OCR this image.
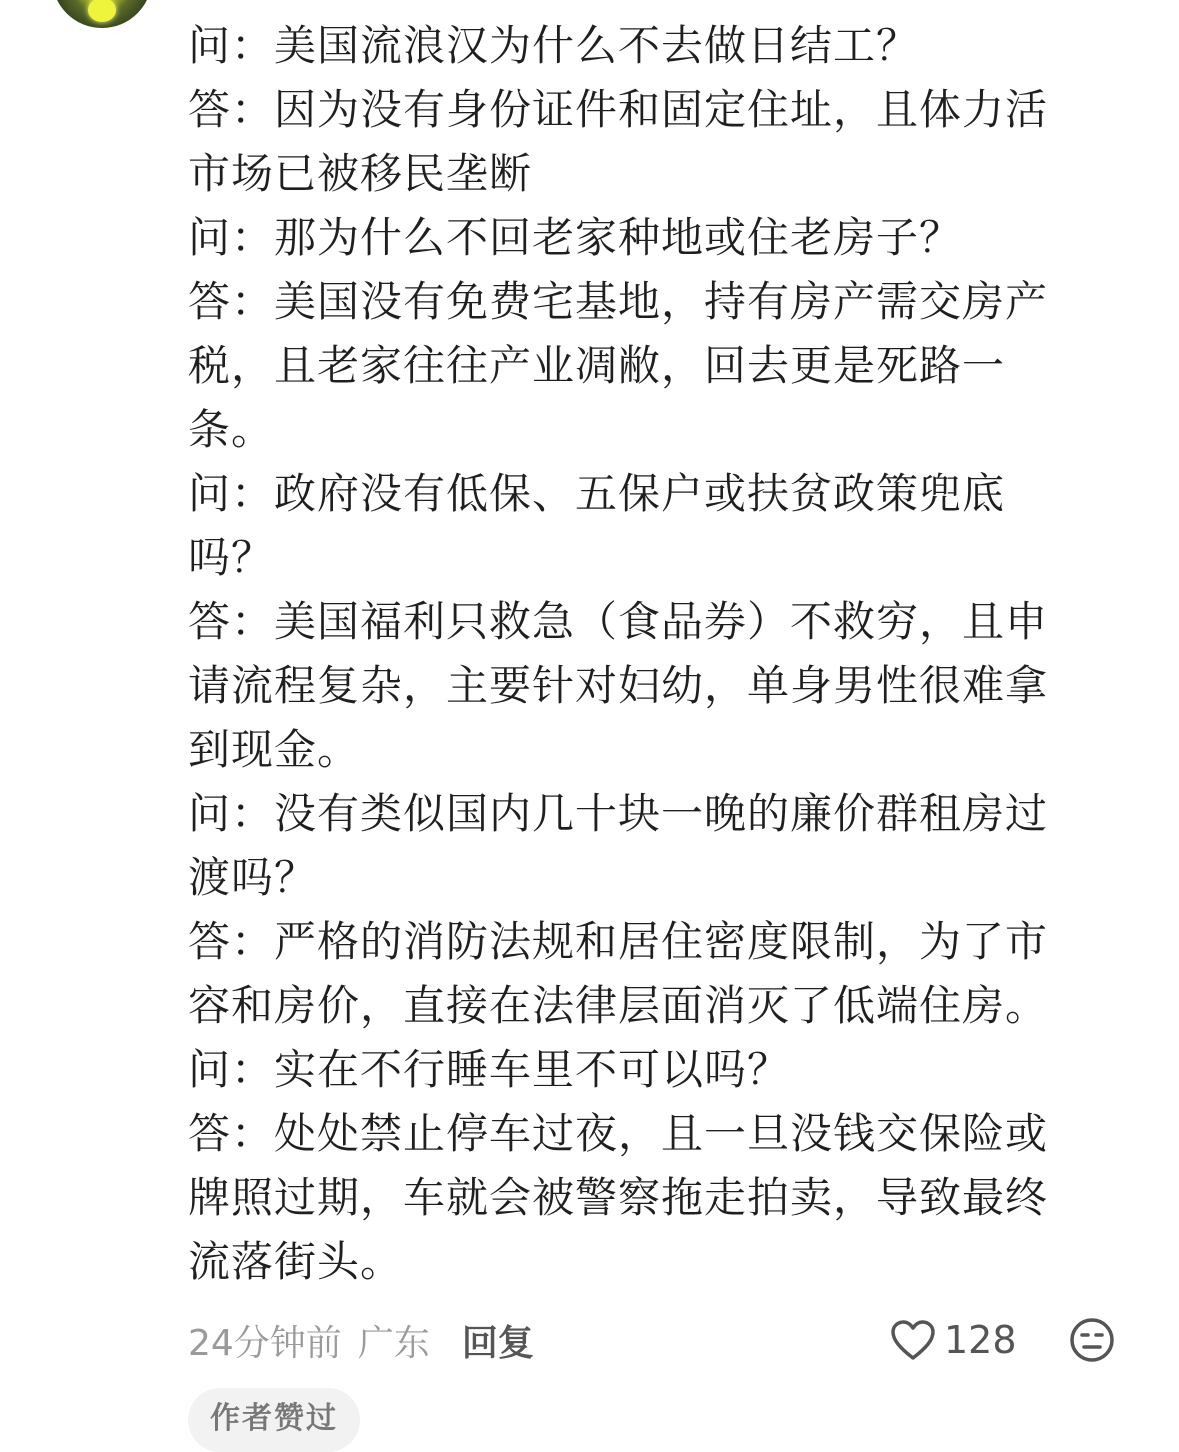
问：美国流浪汉为什么不去做日结工？
答：因为没有身份证件和固定住址，且体力活
市场已被移民垄断
问：那为什么不回老家种地或住老房子？
答：美国没有免费宅基地，持有房产需交房产
税，且老家往往产业凋敝，回去更是死路一
条。
问：政府没有低保、五保户或扶贫政策兜底
吗？
答：美国福利只救急（食品券）不救穷，且申
请流程复杂，主要针对妇幼，单身男性很难拿
到现金。
问：没有类似国内几十块一晚的廉价群租房过
渡吗？
答：严格的消防法规和居住密度限制，为了市
容和房价，直接在法律层面消灭了低端住房。
问：实在不行睡车里不可以吗？
答：处处禁止停车过夜，且一旦没钱交保险或
牌照过期，车就会被警察拖走拍卖，导致最终
流落街头。
24分钟前 广东 回复	128
作者赞过
